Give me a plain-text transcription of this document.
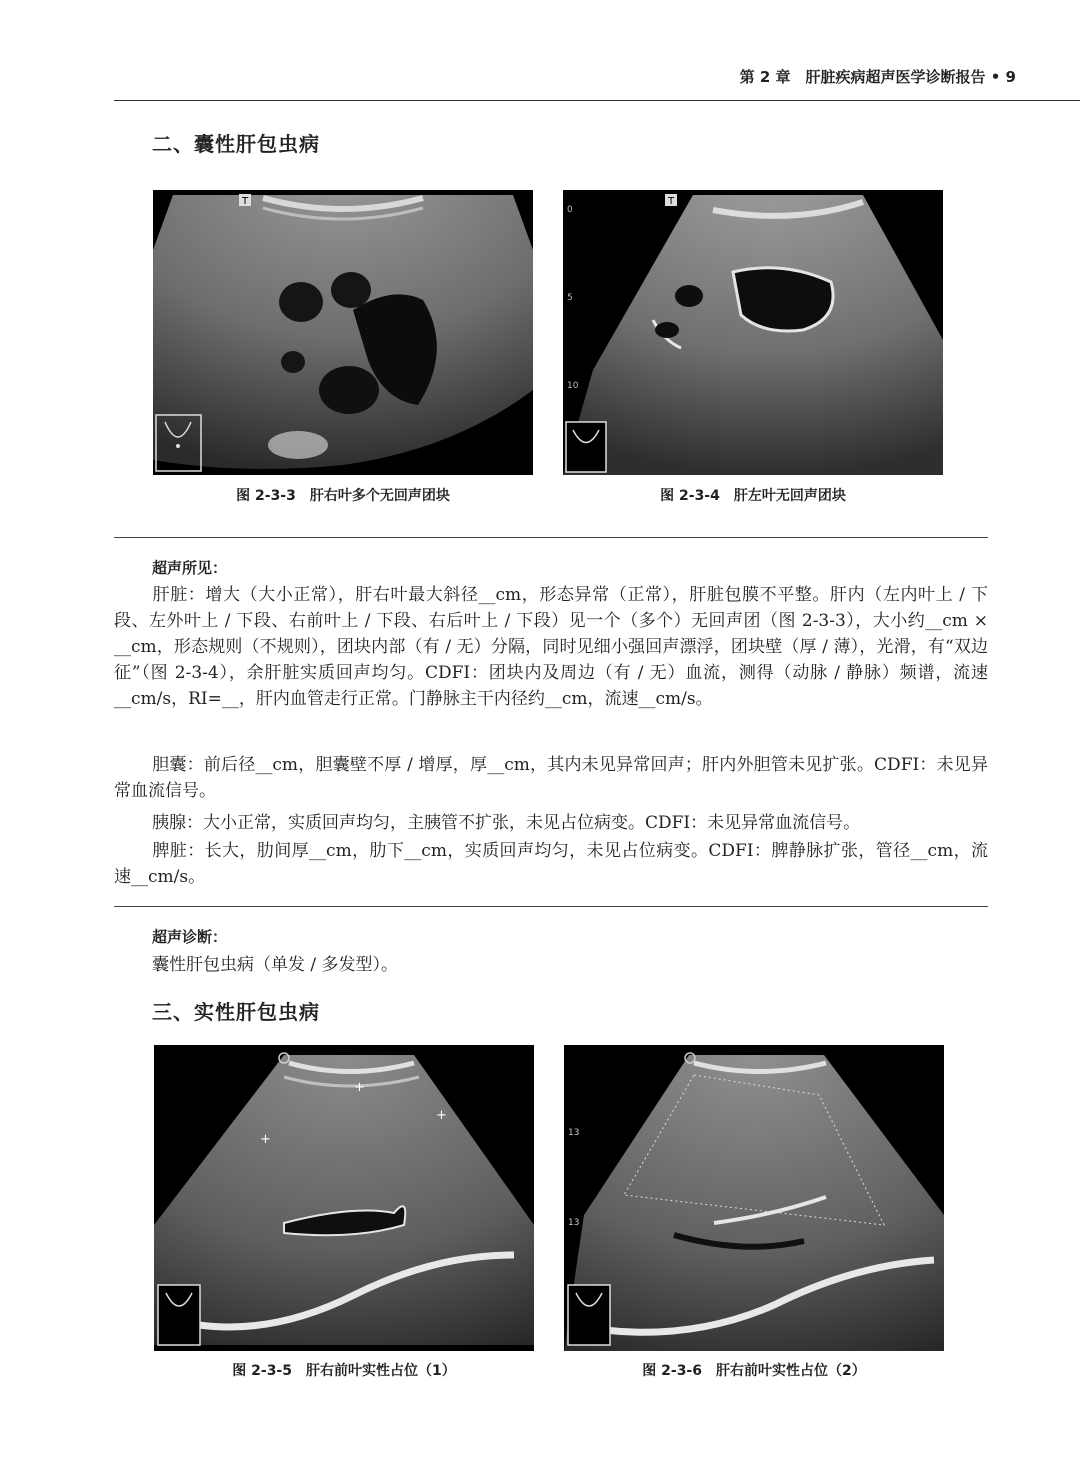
第 2 章　肝脏疾病超声医学诊断报告 • 9
二、囊性肝包虫病
T
图 2-3-3　肝右叶多个无回声团块
T
0
5
10
图 2-3-4　肝左叶无回声团块
超声所见：
肝脏：增大（大小正常），肝右叶最大斜径__cm，形态异常（正常），肝脏包膜不平整。肝内（左内叶上 / 下段、左外叶上 / 下段、右前叶上 / 下段、右后叶上 / 下段）见一个（多个）无回声团（图 2-3-3），大小约__cm × __cm，形态规则（不规则），团块内部（有 / 无）分隔，同时见细小强回声漂浮，团块壁（厚 / 薄），光滑，有“双边征”（图 2-3-4），余肝脏实质回声均匀。CDFI：团块内及周边（有 / 无）血流，测得（动脉 / 静脉）频谱，流速__cm/s，RI=__，肝内血管走行正常。门静脉主干内径约__cm，流速__cm/s。
胆囊：前后径__cm，胆囊壁不厚 / 增厚，厚__cm，其内未见异常回声；肝内外胆管未见扩张。CDFI：未见异常血流信号。
胰腺：大小正常，实质回声均匀，主胰管不扩张，未见占位病变。CDFI：未见异常血流信号。
脾脏：长大，肋间厚__cm，肋下__cm，实质回声均匀，未见占位病变。CDFI：脾静脉扩张，管径__cm，流速__cm/s。
超声诊断：
囊性肝包虫病（单发 / 多发型）。
三、实性肝包虫病
+
+
+
图 2-3-5　肝右前叶实性占位（1）
13
13
图 2-3-6　肝右前叶实性占位（2）
